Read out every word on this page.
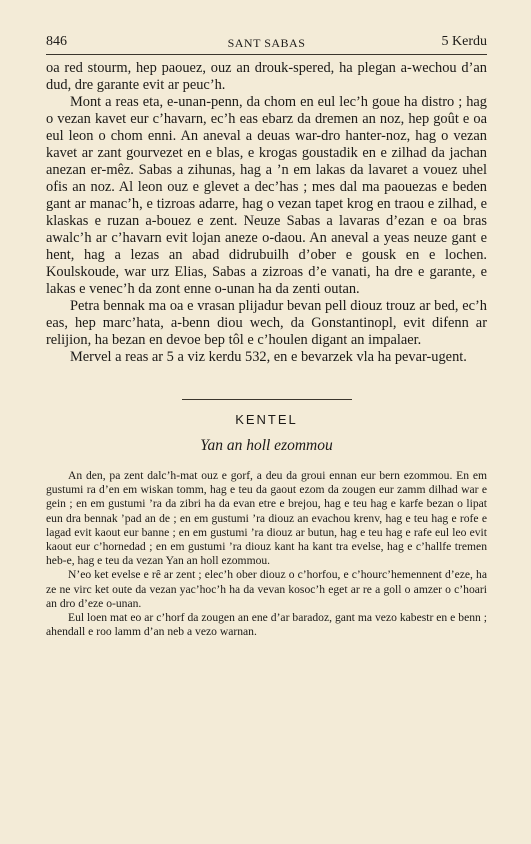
846	SANT SABAS	5 Kerdu

oa red stourm, hep paouez, ouz an drouk-spered, ha plegan a-wechou d’an dud, dre garante evit ar peuc’h.

Mont a reas eta, e-unan-penn, da chom en eul lec’h goue ha distro ; hag o vezan kavet eur c’havarn, ec’h eas ebarz da dremen an noz, hep goût e oa eul leon o chom enni. An aneval a deuas war-dro hanter-noz, hag o vezan kavet ar zant gourvezet en e blas, e krogas goustadik en e zilhad da jachan anezan er-mêz. Sabas a zihunas, hag a ’n em lakas da lavaret a vouez uhel ofis an noz. Al leon ouz e glevet a dec’has ; mes dal ma paouezas e beden gant ar manac’h, e tizroas adarre, hag o vezan tapet krog en traou e zilhad, e klaskas e ruzan a-bouez e zent. Neuze Sabas a lavaras d’ezan e oa bras awalc’h ar c’havarn evit lojan aneze o-daou. An aneval a yeas neuze gant e hent, hag a lezas an abad didrubuilh d’ober e gousk en e lochen. Koulskoude, war urz Elias, Sabas a zizroas d’e vanati, ha dre e garante, e lakas e venec’h da zont enne o-unan ha da zenti outan.

Petra bennak ma oa e vrasan plijadur bevan pell diouz trouz ar bed, ec’h eas, hep marc’hata, a-benn diou wech, da Gonstantinopl, evit difenn ar relijion, ha bezan en devoe bep tôl e c’houlen digant an impalaer.

Mervel a reas ar 5 a viz kerdu 532, en e bevarzek vla ha pevar-ugent.

KENTEL
Yan an holl ezommou

An den, pa zent dalc’h-mat ouz e gorf, a deu da groui ennan eur bern ezommou. En em gustumi ra d’en em wiskan tomm, hag e teu da gaout ezom da zougen eur zamm dilhad war e gein ; en em gustumi ’ra da zibri ha da evan etre e brejou, hag e teu hag e karfe bezan o lipat eun dra bennak ’pad an de ; en em gustumi ’ra diouz an evachou krenv, hag e teu hag e rofe e lagad evit kaout eur banne ; en em gustumi ’ra diouz ar butun, hag e teu hag e rafe eul leo evit kaout eur c’hornedad ; en em gustumi ’ra diouz kant ha kant tra evelse, hag e c’hallfe tremen heb-e, hag e teu da vezan Yan an holl ezommou.

N’eo ket evelse e rê ar zent ; elec’h ober diouz o c’horfou, e c’hourc’hemennent d’eze, ha ze ne virc ket oute da vezan yac’hoc’h ha da vevan kosoc’h eget ar re a goll o amzer o c’hoari an dro d’eze o-unan.

Eul loen mat eo ar c’horf da zougen an ene d’ar baradoz, gant ma vezo kabestr en e benn ; ahendall e roo lamm d’an neb a vezo warnan.
